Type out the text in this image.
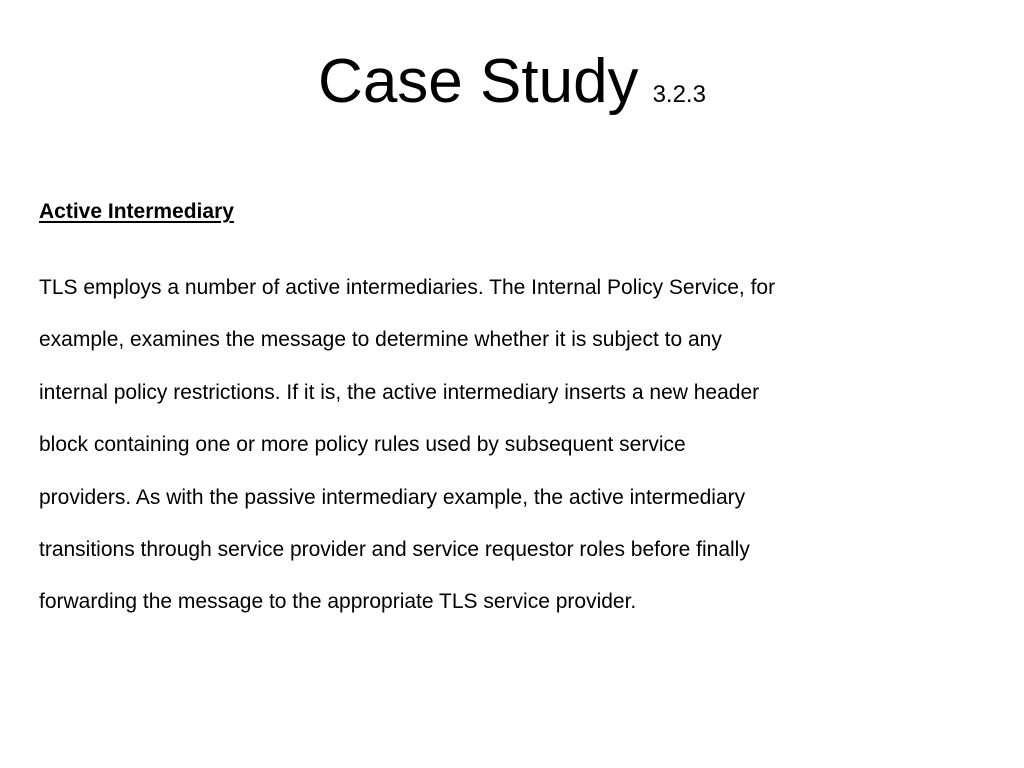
Case Study 3.2.3
Active Intermediary

TLS employs a number of active intermediaries. The Internal Policy Service, for
example, examines the message to determine whether it is subject to any
internal policy restrictions. If it is, the active intermediary inserts a new header
block containing one or more policy rules used by subsequent service
providers. As with the passive intermediary example, the active intermediary
transitions through service provider and service requestor roles before finally
forwarding the message to the appropriate TLS service provider.
